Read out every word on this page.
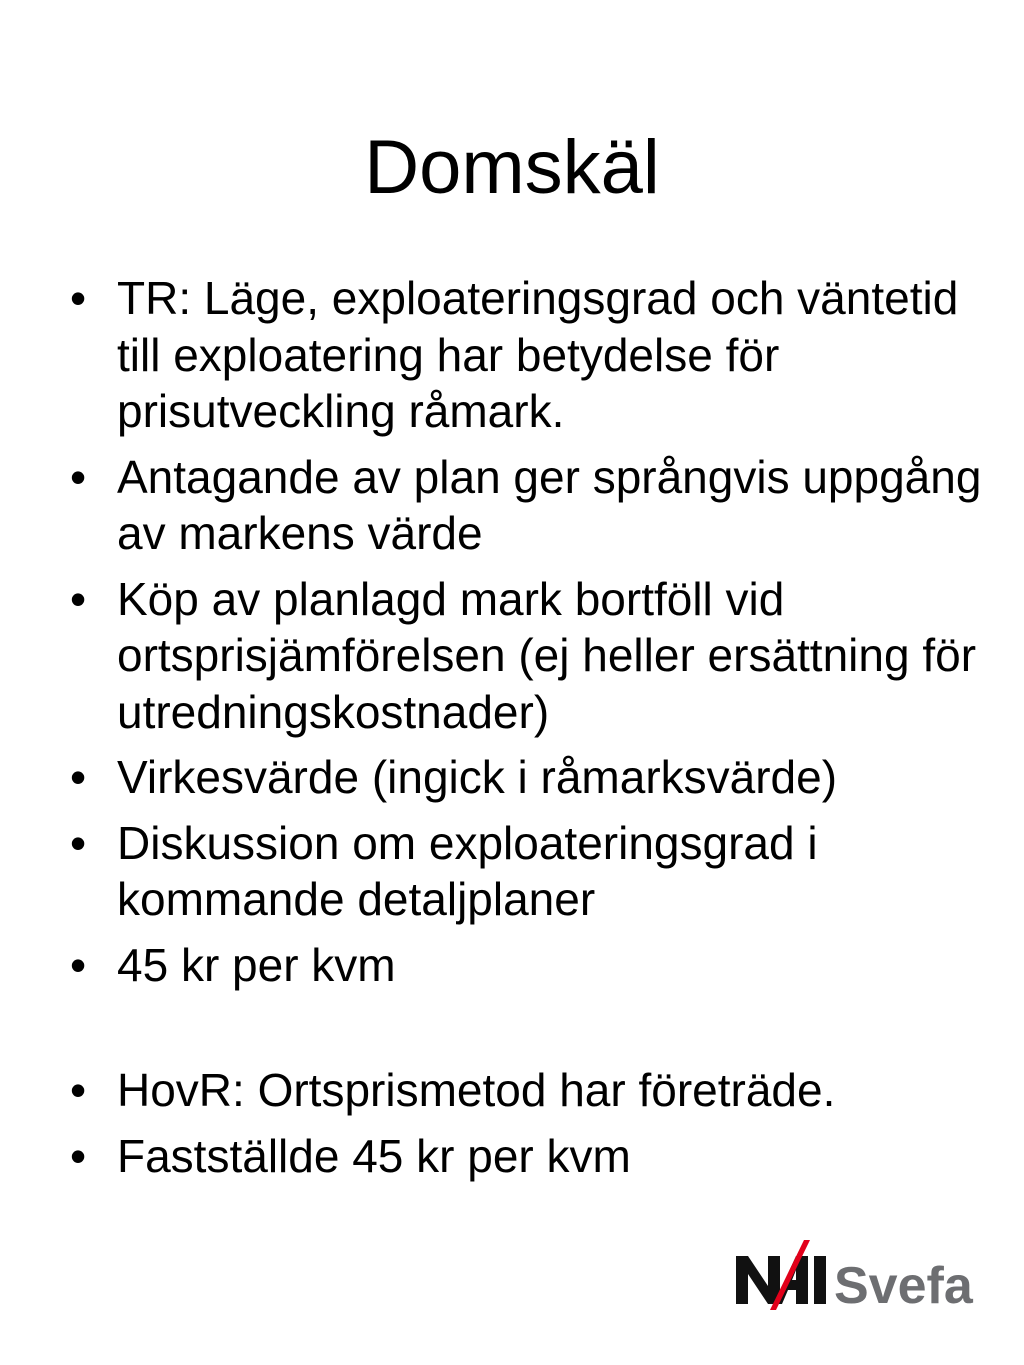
Domskäl
• TR: Läge, exploateringsgrad och väntetid till exploatering har betydelse för prisutveckling råmark.
• Antagande av plan ger språngvis uppgång av markens värde
• Köp av planlagd mark bortföll vid ortsprisjämförelsen (ej heller ersättning för utredningskostnader)
• Virkesvärde (ingick i råmarksvärde)
• Diskussion om exploateringsgrad i kommande detaljplaner
• 45 kr per kvm
• HovR: Ortsprismetod har företräde.
• Fastställde 45 kr per kvm
Svefa
